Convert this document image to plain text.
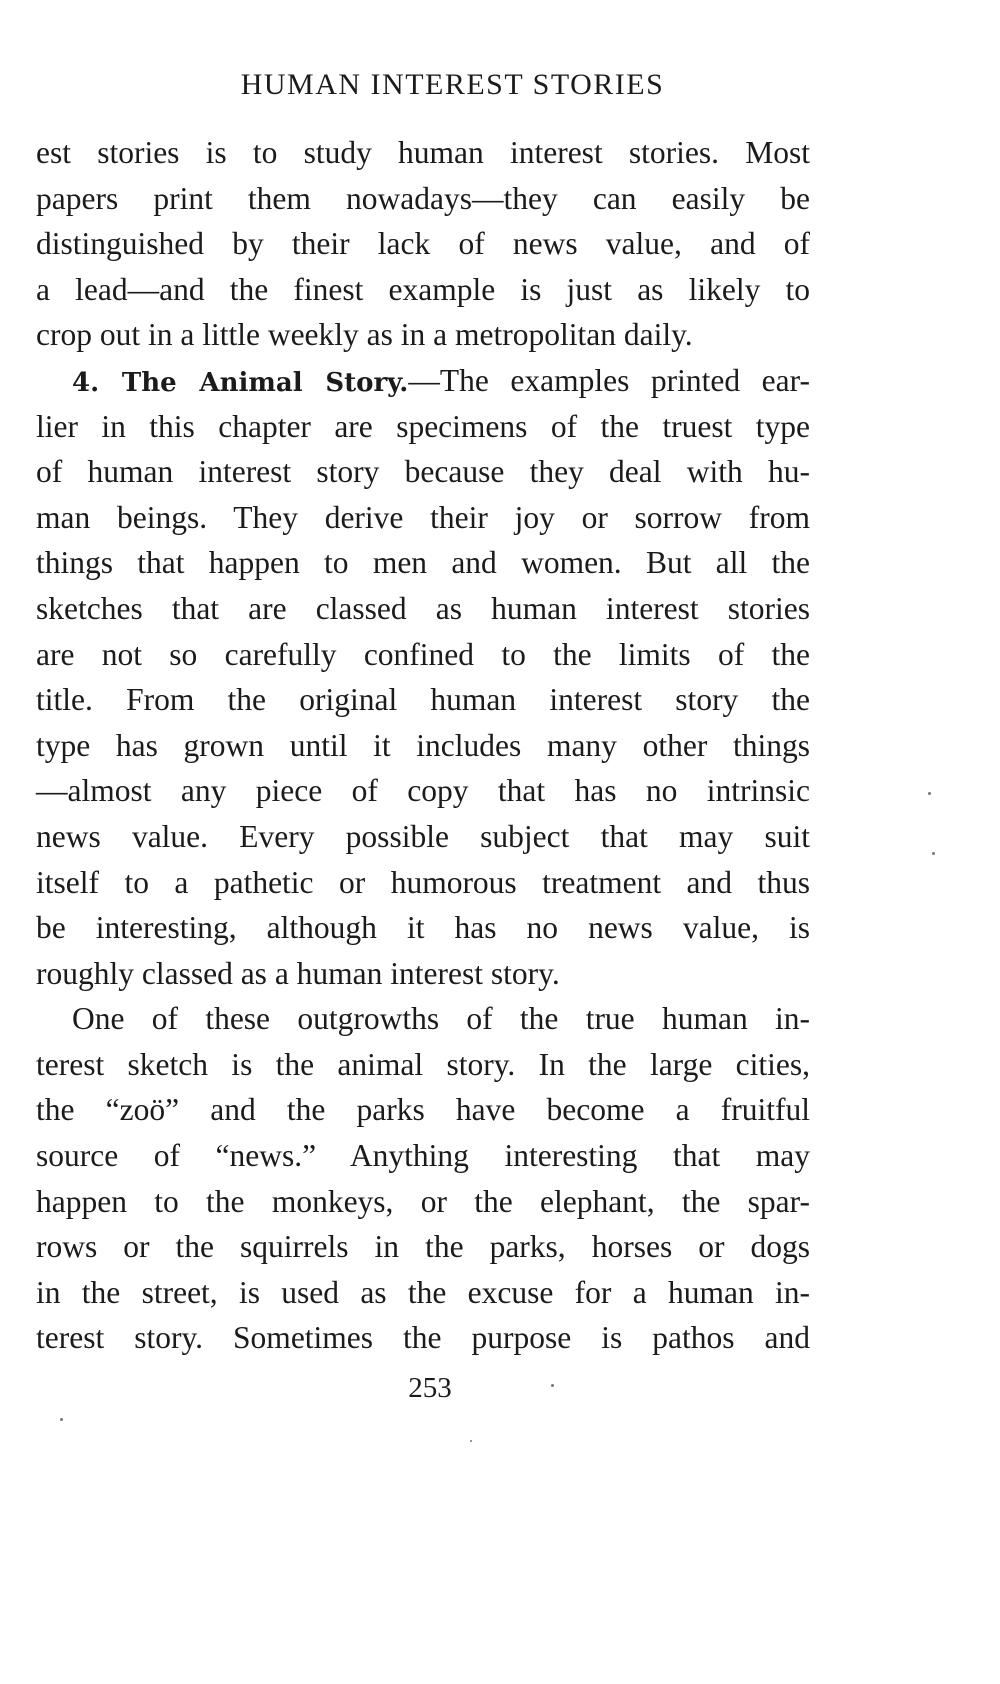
HUMAN INTEREST STORIES
est stories is to study human interest stories. Most
papers print them nowadays—they can easily be
distinguished by their lack of news value, and of
a lead—and the finest example is just as likely to
crop out in a little weekly as in a metropolitan daily.
4. The Animal Story.—The examples printed ear-
lier in this chapter are specimens of the truest type
of human interest story because they deal with hu-
man beings. They derive their joy or sorrow from
things that happen to men and women. But all the
sketches that are classed as human interest stories
are not so carefully confined to the limits of the
title. From the original human interest story the
type has grown until it includes many other things
—almost any piece of copy that has no intrinsic
news value. Every possible subject that may suit
itself to a pathetic or humorous treatment and thus
be interesting, although it has no news value, is
roughly classed as a human interest story.
One of these outgrowths of the true human in-
terest sketch is the animal story. In the large cities,
the “zoö” and the parks have become a fruitful
source of “news.” Anything interesting that may
happen to the monkeys, or the elephant, the spar-
rows or the squirrels in the parks, horses or dogs
in the street, is used as the excuse for a human in-
terest story. Sometimes the purpose is pathos and
253
